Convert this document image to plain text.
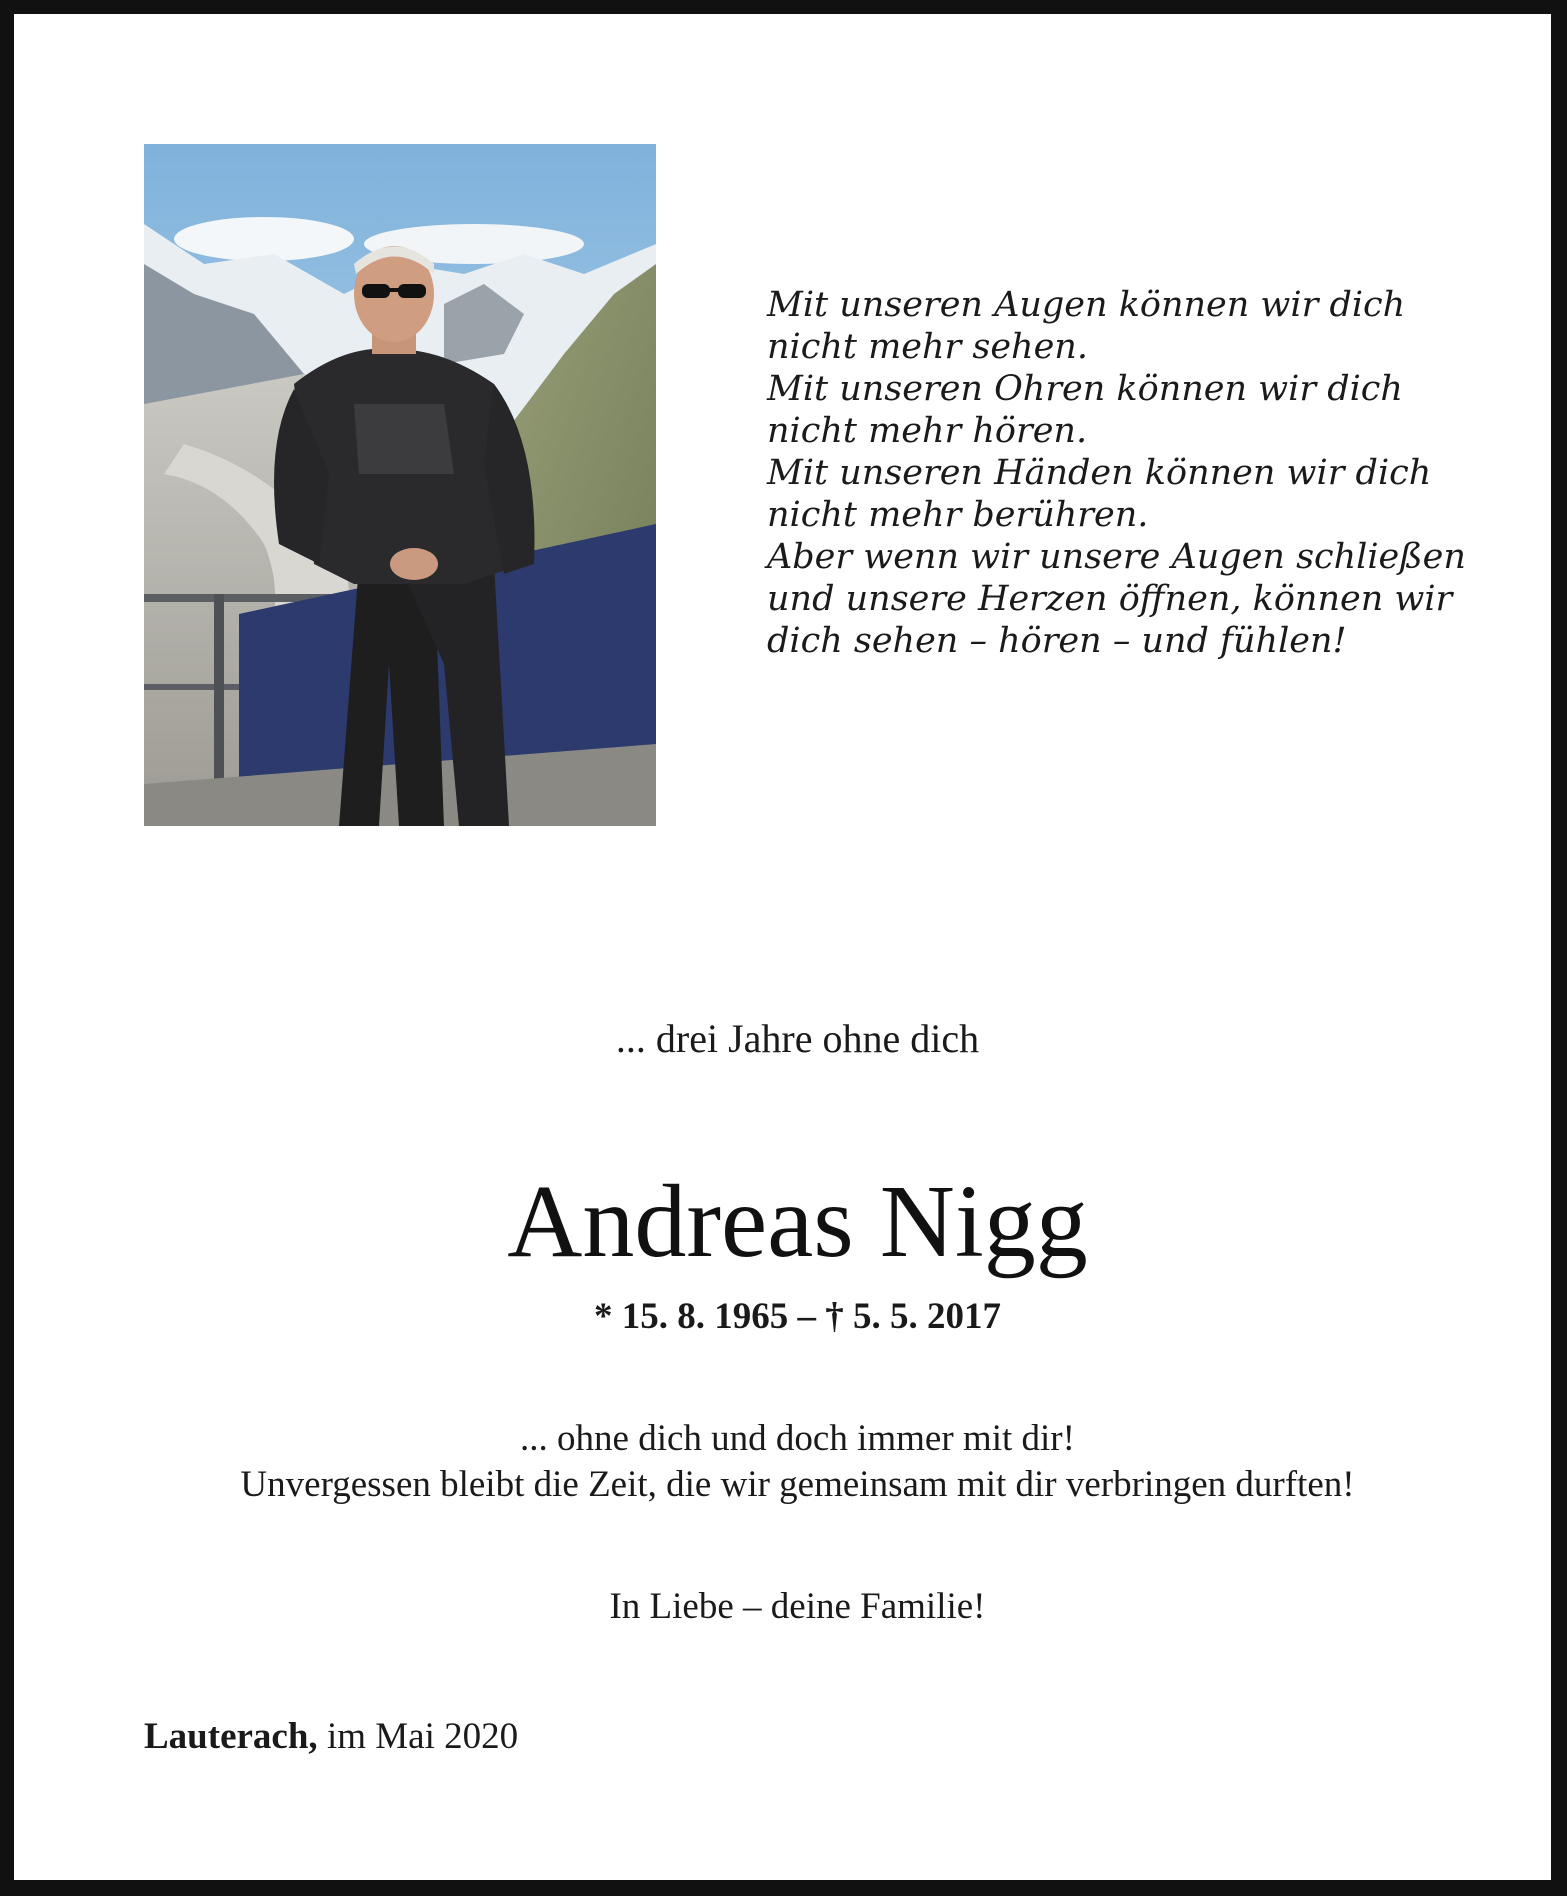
Mit unseren Augen können wir dich
nicht mehr sehen.
Mit unseren Ohren können wir dich
nicht mehr hören.
Mit unseren Händen können wir dich
nicht mehr berühren.
Aber wenn wir unsere Augen schließen
und unsere Herzen öffnen, können wir
dich sehen – hören – und fühlen!
... drei Jahre ohne dich
Andreas Nigg
* 15. 8. 1965 – † 5. 5. 2017
... ohne dich und doch immer mit dir!
Unvergessen bleibt die Zeit, die wir gemeinsam mit dir verbringen durften!
In Liebe – deine Familie!
Lauterach, im Mai 2020
